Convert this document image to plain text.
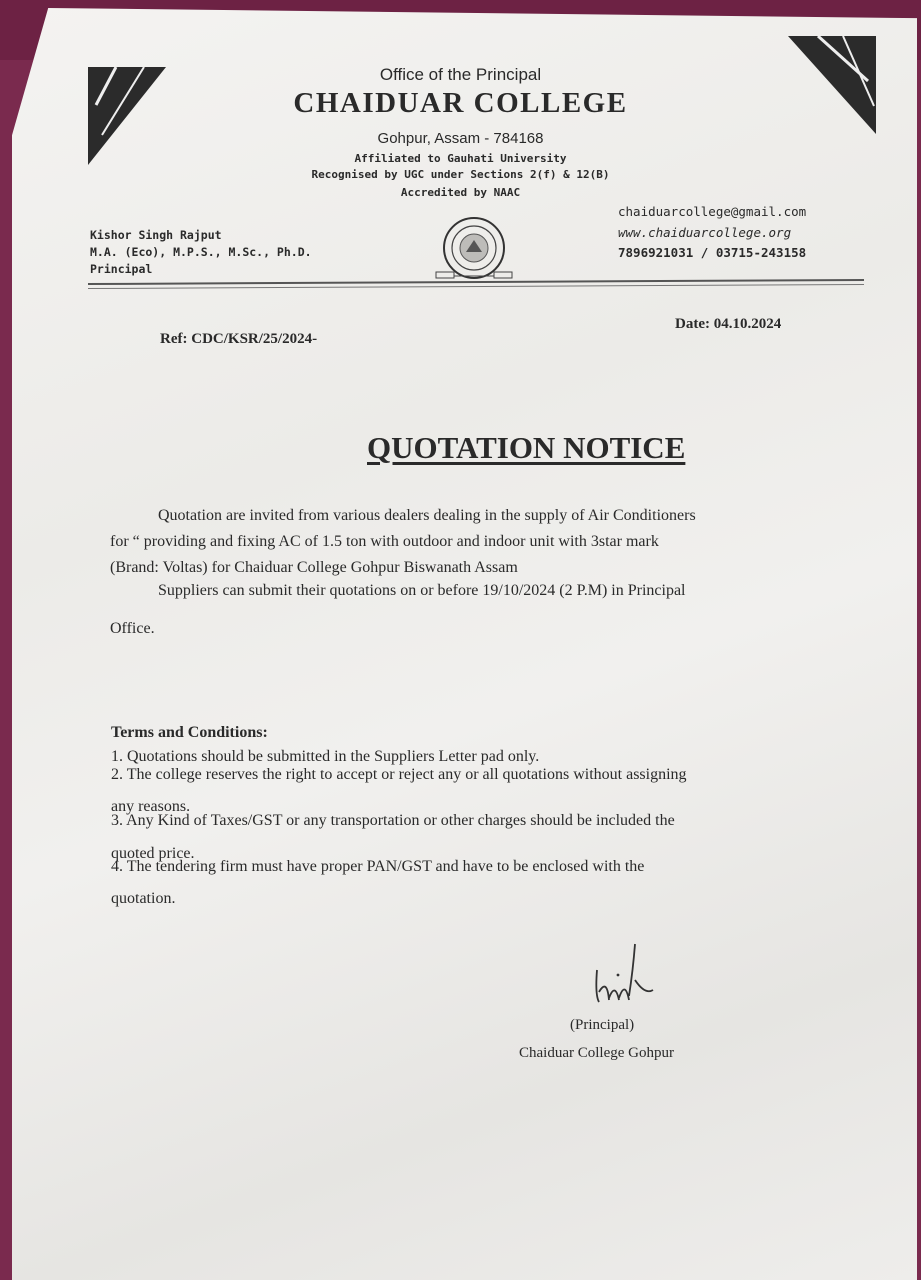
Office of the Principal
CHAIDUAR COLLEGE
Gohpur, Assam - 784168
Affiliated to Gauhati University
Recognised by UGC under Sections 2(f) & 12(B)
Accredited by NAAC
Kishor Singh Rajput
M.A. (Eco), M.P.S., M.Sc., Ph.D.
Principal
chaiduarcollege@gmail.com
www.chaiduarcollege.org
7896921031 / 03715-243158
Ref: CDC/KSR/25/2024-
Date: 04.10.2024
QUOTATION NOTICE
Quotation are invited from various dealers dealing in the supply of Air Conditioners
for “ providing and fixing AC of 1.5 ton with outdoor and indoor unit with 3star mark
(Brand: Voltas) for Chaiduar College Gohpur Biswanath Assam
Suppliers can submit their quotations on or before 19/10/2024 (2 P.M) in Principal
Office.
Terms and Conditions:
1. Quotations should be submitted in the Suppliers Letter pad only.
2. The college reserves the right to accept or reject any or all quotations without assigning
any reasons.
3. Any Kind of Taxes/GST or any transportation or other charges should be included the
quoted price.
4. The tendering firm must have proper PAN/GST and have to be enclosed with the
quotation.
(Principal)
Chaiduar College Gohpur
